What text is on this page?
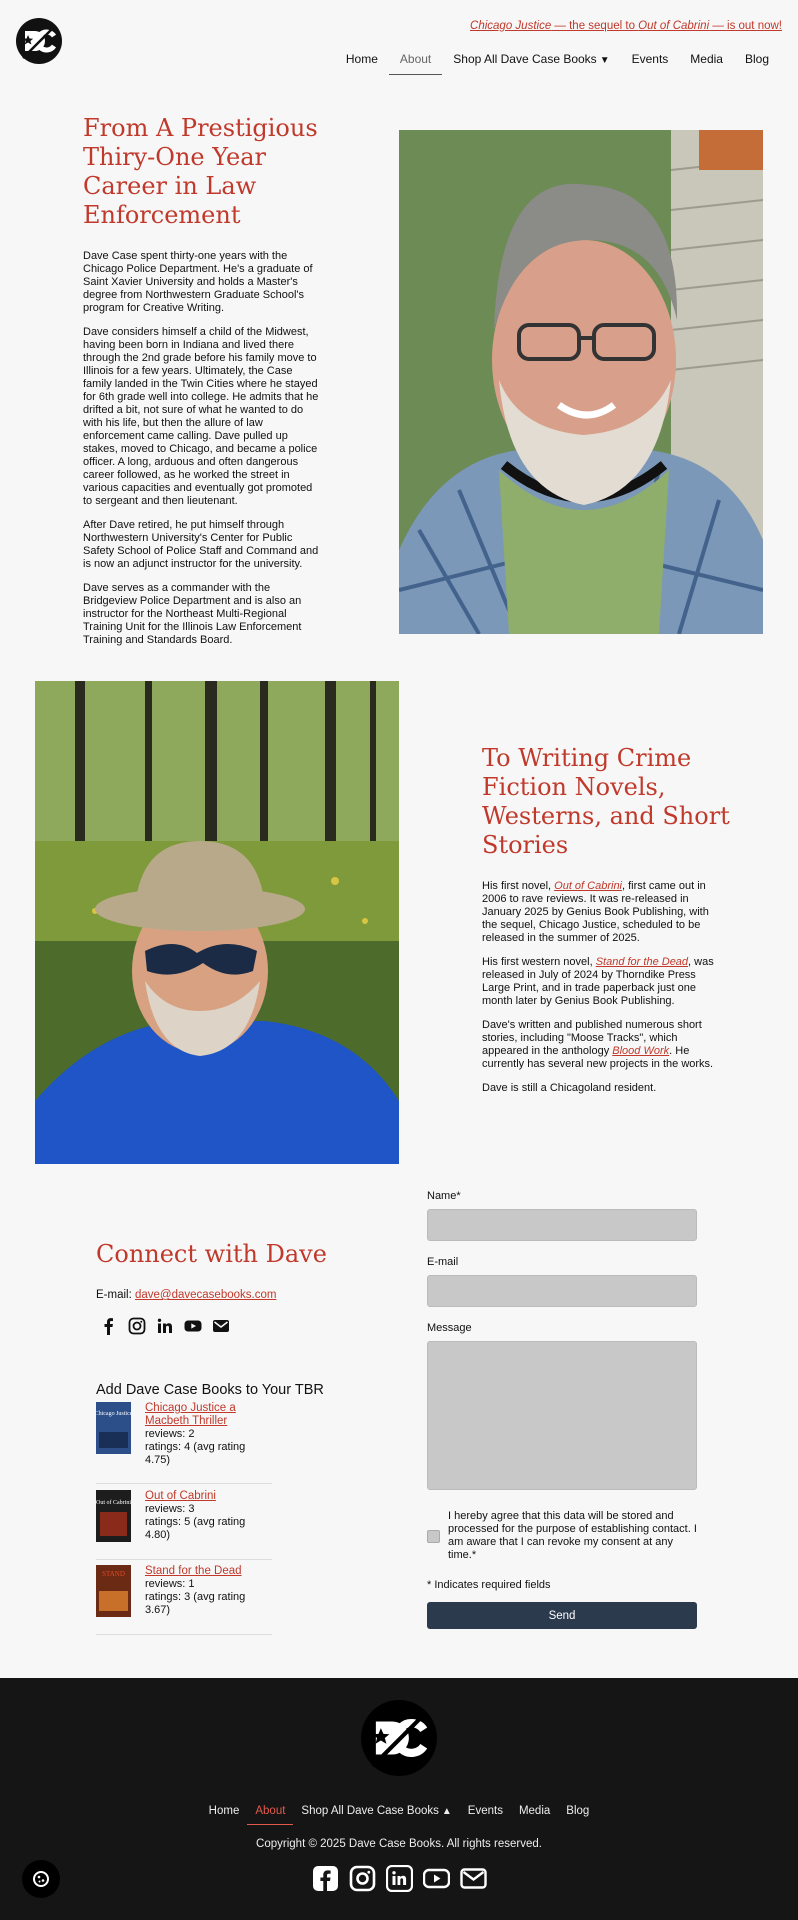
Chicago Justice — the sequel to Out of Cabrini — is out now!
Home	About	Shop All Dave Case Books ▼	Events	Media	Blog
From A Prestigious Thiry-One Year Career in Law Enforcement

Dave Case spent thirty-one years with the Chicago Police Department. He's a graduate of Saint Xavier University and holds a Master's degree from Northwestern Graduate School's program for Creative Writing.

Dave considers himself a child of the Midwest, having been born in Indiana and lived there through the 2nd grade before his family move to Illinois for a few years. Ultimately, the Case family landed in the Twin Cities where he stayed for 6th grade well into college. He admits that he drifted a bit, not sure of what he wanted to do with his life, but then the allure of law enforcement came calling. Dave pulled up stakes, moved to Chicago, and became a police officer. A long, arduous and often dangerous career followed, as he worked the street in various capacities and eventually got promoted to sergeant and then lieutenant.

After Dave retired, he put himself through Northwestern University's Center for Public Safety School of Police Staff and Command and is now an adjunct instructor for the university.

Dave serves as a commander with the Bridgeview Police Department and is also an instructor for the Northeast Multi-Regional Training Unit for the Illinois Law Enforcement Training and Standards Board.

To Writing Crime Fiction Novels, Westerns, and Short Stories

His first novel, Out of Cabrini, first came out in 2006 to rave reviews. It was re-released in January 2025 by Genius Book Publishing, with the sequel, Chicago Justice, scheduled to be released in the summer of 2025.

His first western novel, Stand for the Dead, was released in July of 2024 by Thorndike Press Large Print, and in trade paperback just one month later by Genius Book Publishing.

Dave's written and published numerous short stories, including "Moose Tracks", which appeared in the anthology Blood Work. He currently has several new projects in the works.

Dave is still a Chicagoland resident.

Connect with Dave
E-mail: dave@davecasebooks.com
Add Dave Case Books to Your TBR
Chicago Justice Chicago Justice a Macbeth Thriller
reviews: 2
ratings: 4 (avg rating 4.75)
Out of Cabrini
Out of Cabrini
reviews: 3
ratings: 5 (avg rating 4.80)
STAND Stand for the Dead
reviews: 1
ratings: 3 (avg rating 3.67)
Name*
E-mail
Message
I hereby agree that this data will be stored and processed for the purpose of establishing contact. I am aware that I can revoke my consent at any time.*
* Indicates required fields
Send
Home	About	Shop All Dave Case Books ▲	Events	Media	Blog
Copyright © 2025 Dave Case Books. All rights reserved.
